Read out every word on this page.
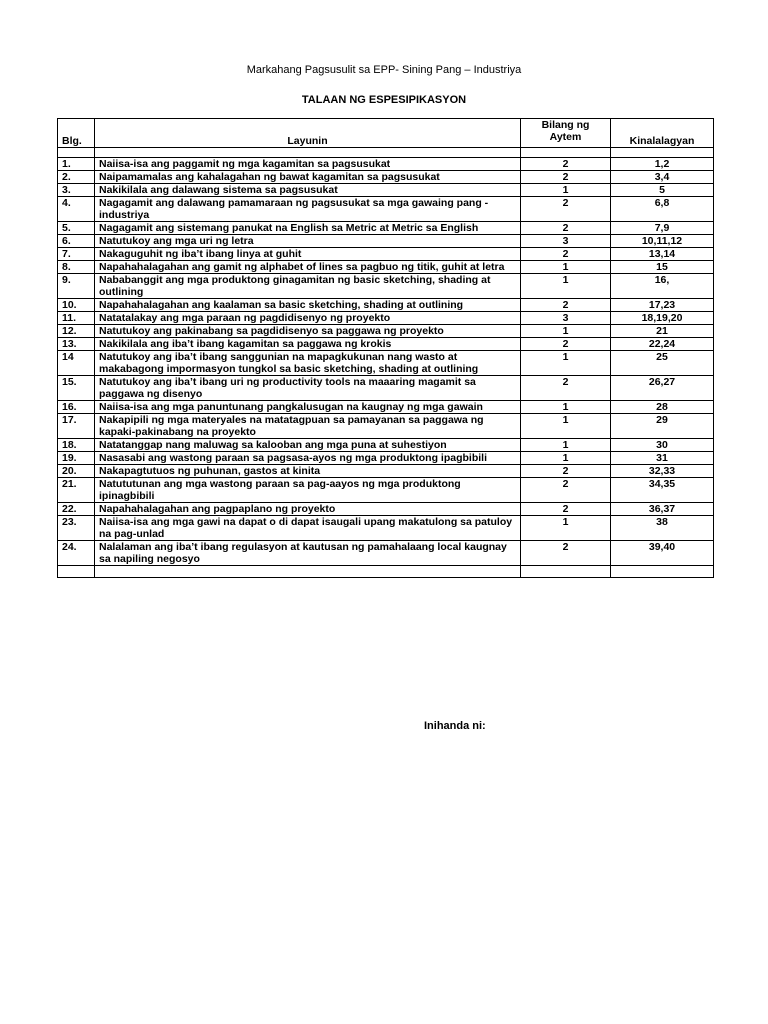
Markahang Pagsusulit sa EPP- Sining Pang – Industriya
TALAAN NG ESPESIPIKASYON
Blg.	Layunin	Bilang ng Aytem	Kinalalagyan

1.	Naiisa-isa ang paggamit ng mga kagamitan sa pagsusukat	2	1,2
2.	Naipamamalas ang kahalagahan ng bawat kagamitan sa pagsusukat	2	3,4
3.	Nakikilala ang dalawang sistema sa pagsusukat	1	5
4.	Nagagamit ang dalawang pamamaraan ng pagsusukat sa mga gawaing pang - industriya	2	6,8
5.	Nagagamit ang sistemang panukat na English sa Metric at Metric sa English	2	7,9
6.	Natutukoy ang mga uri ng letra	3	10,11,12
7.	Nakaguguhit ng iba’t ibang linya at guhit	2	13,14
8.	Napahahalagahan ang gamit ng alphabet of lines sa pagbuo ng titik, guhit at letra	1	15
9.	Nababanggit ang mga produktong ginagamitan ng basic sketching, shading at outlining	1	16,
10.	Napahahalagahan ang kaalaman sa basic sketching, shading at outlining	2	17,23
11.	Natatalakay ang mga paraan ng pagdidisenyo ng proyekto	3	18,19,20
12.	Natutukoy ang pakinabang sa pagdidisenyo sa paggawa ng proyekto	1	21
13.	Nakikilala ang iba’t ibang kagamitan sa paggawa ng krokis	2	22,24
14	Natutukoy ang iba’t ibang sanggunian na mapagkukunan nang wasto at makabagong impormasyon tungkol sa basic sketching, shading at outlining	1	25
15.	Natutukoy ang iba’t ibang uri ng productivity tools na maaaring magamit sa paggawa ng disenyo	2	26,27
16.	Naiisa-isa ang mga panuntunang pangkalusugan na kaugnay ng mga gawain	1	28
17.	Nakapipili ng mga materyales na matatagpuan sa pamayanan sa paggawa ng kapaki-pakinabang na proyekto	1	29
18.	Natatanggap nang maluwag sa kalooban ang mga puna at suhestiyon	1	30
19.	Nasasabi ang wastong paraan sa pagsasa-ayos ng mga produktong ipagbibili	1	31
20.	Nakapagtutuos ng puhunan, gastos at kinita	2	32,33
21.	Natututunan ang mga wastong paraan sa pag-aayos ng mga produktong ipinagbibili	2	34,35
22.	Napahahalagahan ang pagpaplano ng proyekto	2	36,37
23.	Naiisa-isa ang mga gawi na dapat o di dapat isaugali upang makatulong sa patuloy na pag-unlad	1	38
24.	Nalalaman ang iba’t ibang regulasyon at kautusan ng pamahalaang local kaugnay sa napiling negosyo	2	39,40

Inihanda ni:
